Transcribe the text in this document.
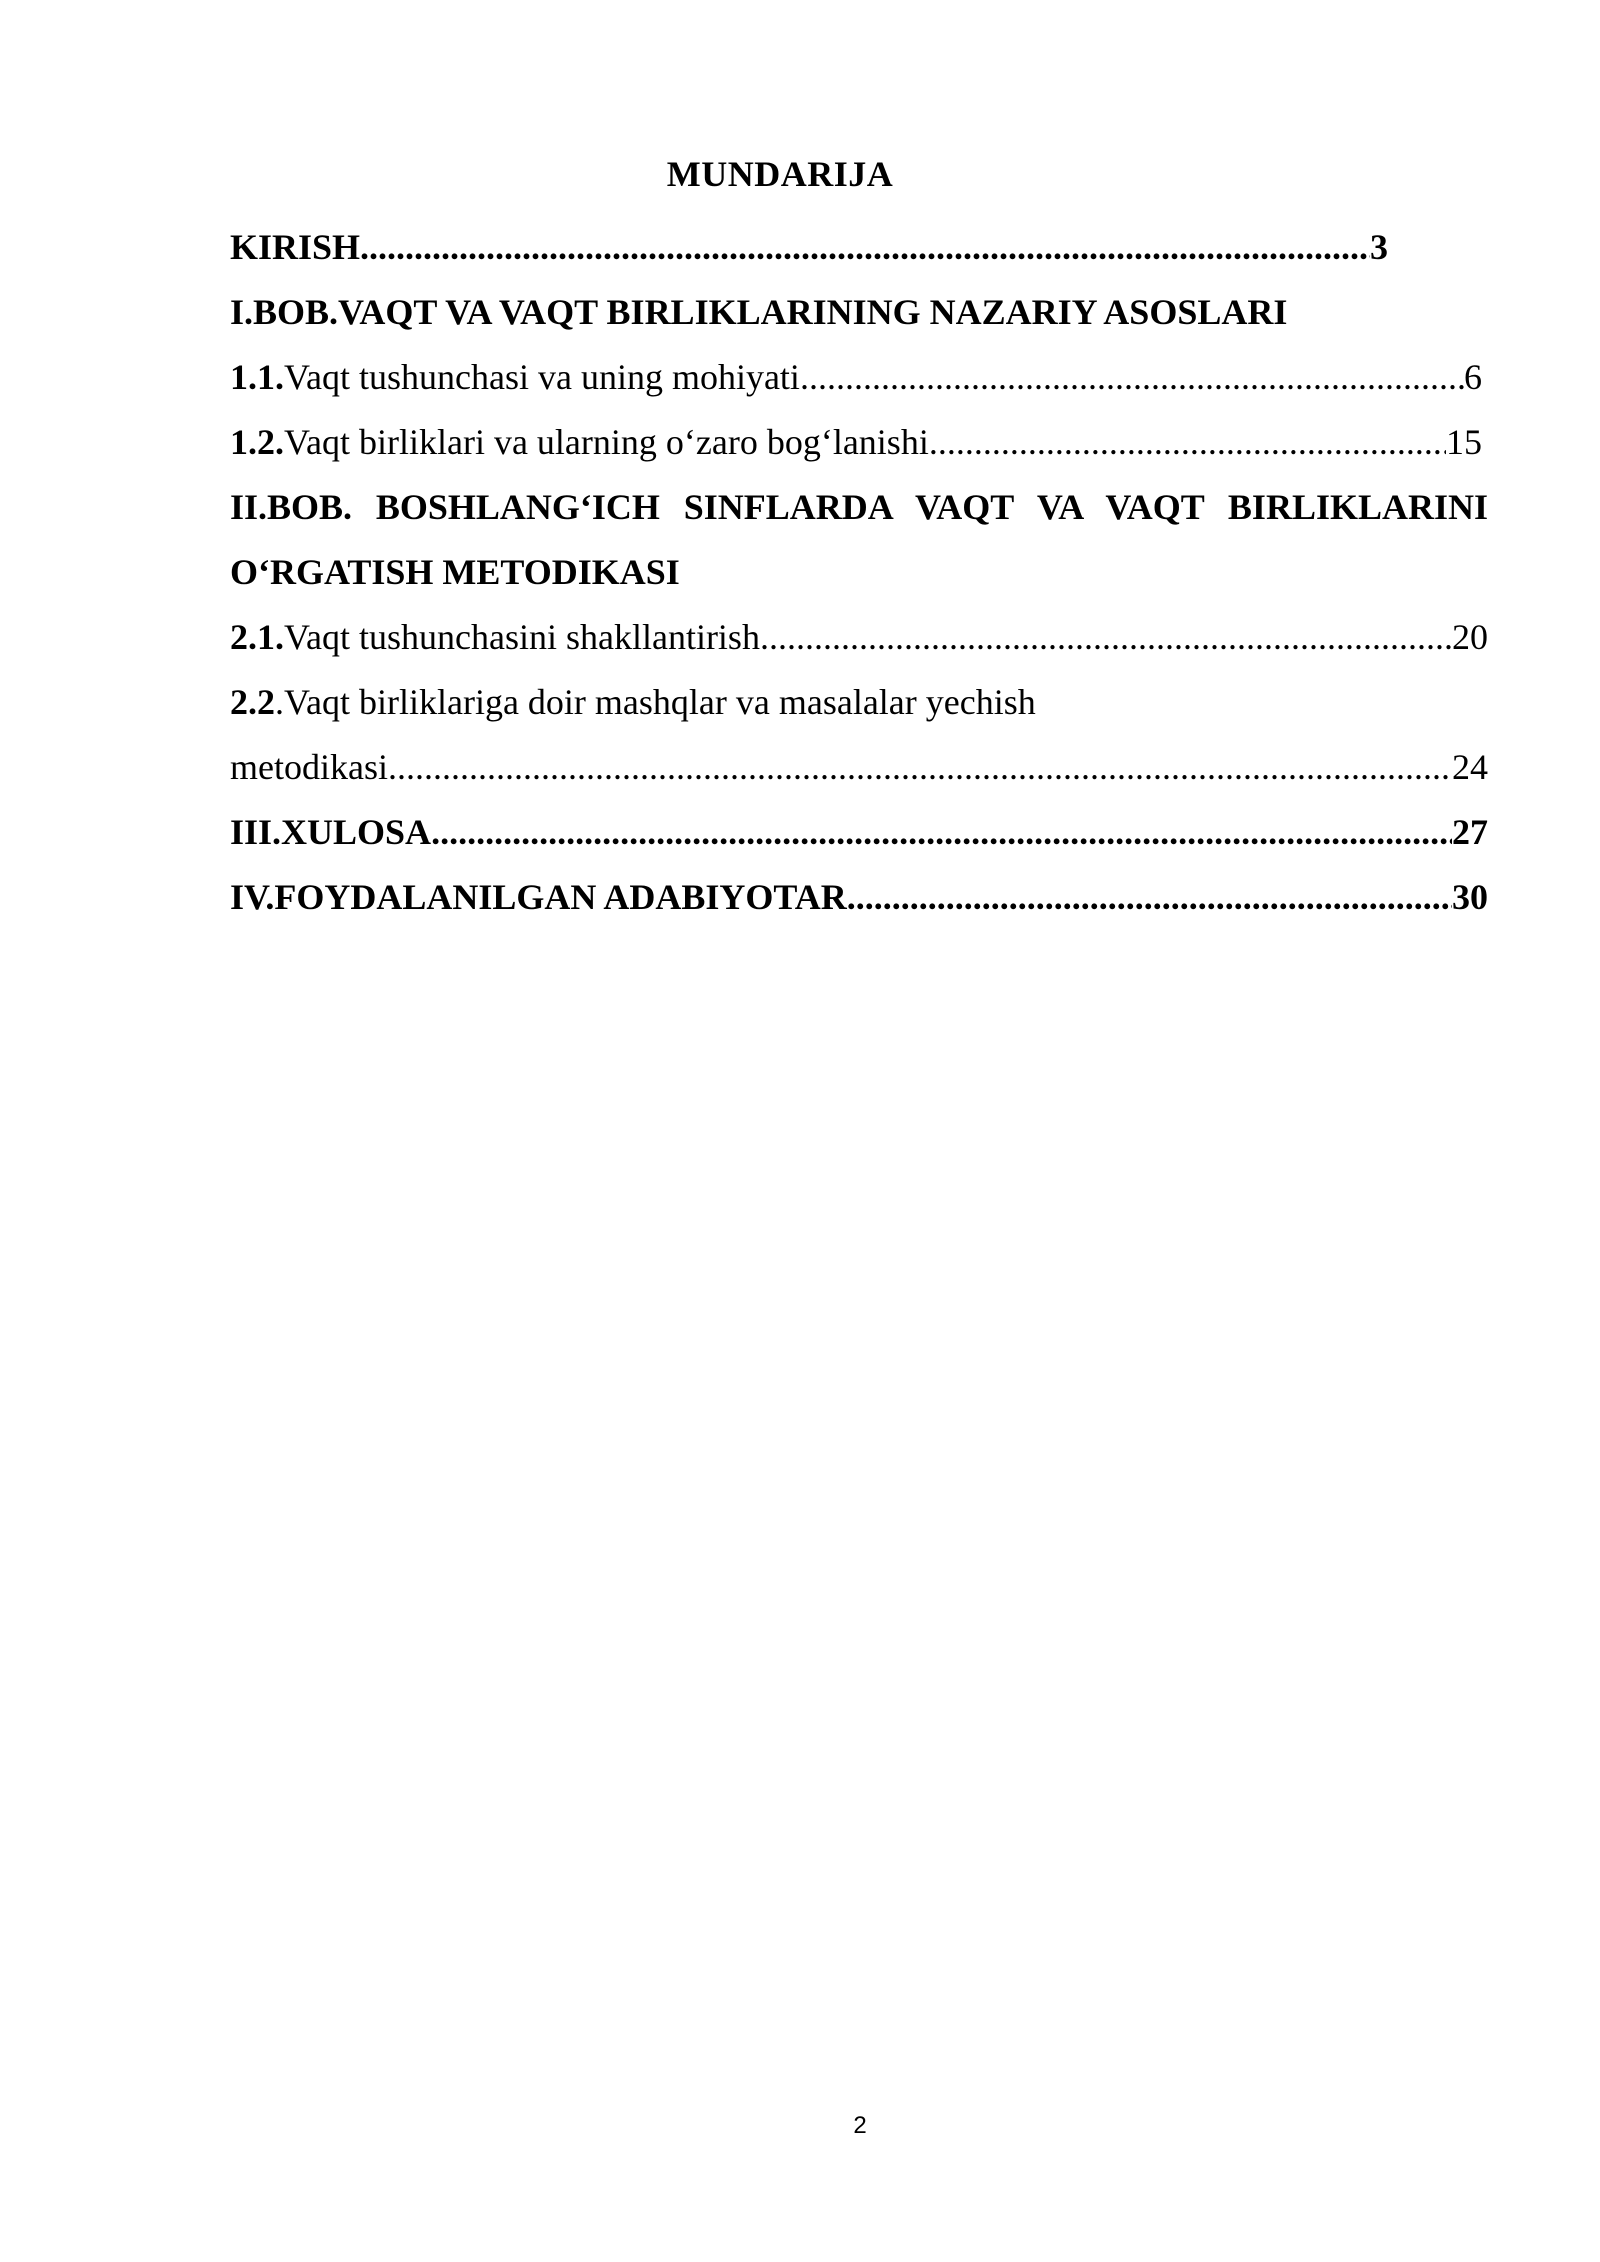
MUNDARIJA
KIRISH .....	3
I.BOB.VAQT VA VAQT BIRLIKLARINING NAZARIY ASOSLARI
1.1. Vaqt tushunchasi va uning mohiyati .....	6
1.2. Vaqt birliklari va ularning o‘zaro bog‘lanishi .....	15
II.BOB. BOSHLANG‘ICH SINFLARDA VAQT VA VAQT BIRLIKLARINI
O‘RGATISH METODIKASI
2.1. Vaqt tushunchasini shakllantirish .....	20
2.2 .Vaqt birliklariga doir mashqlar va masalalar yechish
metodikasi .....	24
III.XULOSA .....	27
IV.FOYDALANILGAN ADABIYOTAR .....	30
2
